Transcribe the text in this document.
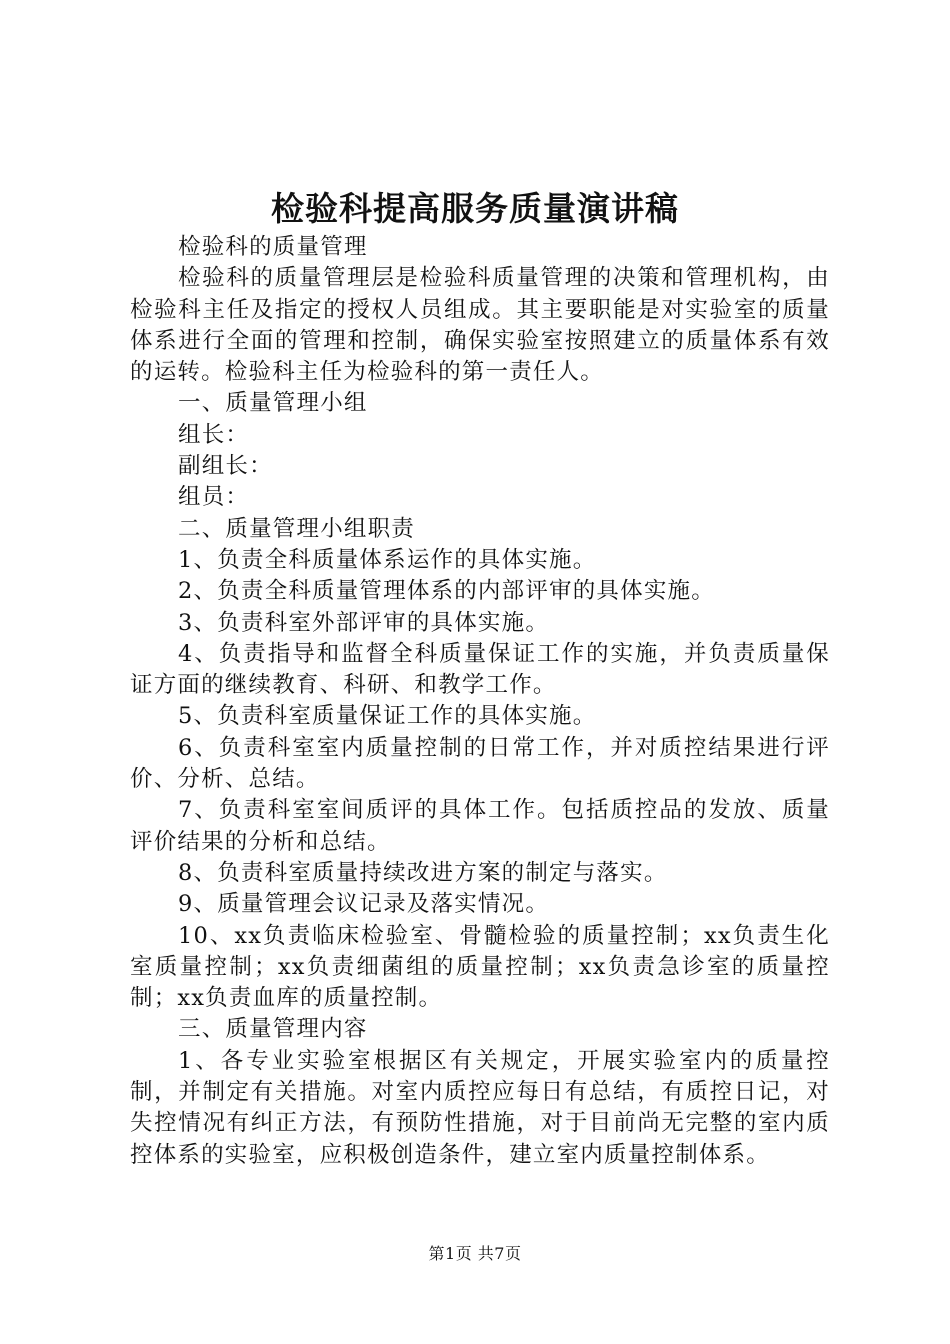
检验科提高服务质量演讲稿

检验科的质量管理

检验科的质量管理层是检验科质量管理的决策和管理机构，由检验科主任及指定的授权人员组成。其主要职能是对实验室的质量体系进行全面的管理和控制，确保实验室按照建立的质量体系有效的运转。检验科主任为检验科的第一责任人。

一、质量管理小组

组长：

副组长：

组员：

二、质量管理小组职责

1、负责全科质量体系运作的具体实施。

2、负责全科质量管理体系的内部评审的具体实施。

3、负责科室外部评审的具体实施。

4、负责指导和监督全科质量保证工作的实施，并负责质量保证方面的继续教育、科研、和教学工作。

5、负责科室质量保证工作的具体实施。

6、负责科室室内质量控制的日常工作，并对质控结果进行评价、分析、总结。

7、负责科室室间质评的具体工作。包括质控品的发放、质量评价结果的分析和总结。

8、负责科室质量持续改进方案的制定与落实。

9、质量管理会议记录及落实情况。

10、xx负责临床检验室、骨髓检验的质量控制；xx负责生化室质量控制；xx负责细菌组的质量控制；xx负责急诊室的质量控制；xx负责血库的质量控制。

三、质量管理内容

1、各专业实验室根据区有关规定，开展实验室内的质量控制，并制定有关措施。对室内质控应每日有总结，有质控日记，对失控情况有纠正方法，有预防性措施，对于目前尚无完整的室内质控体系的实验室，应积极创造条件，建立室内质量控制体系。

第1页 共7页
